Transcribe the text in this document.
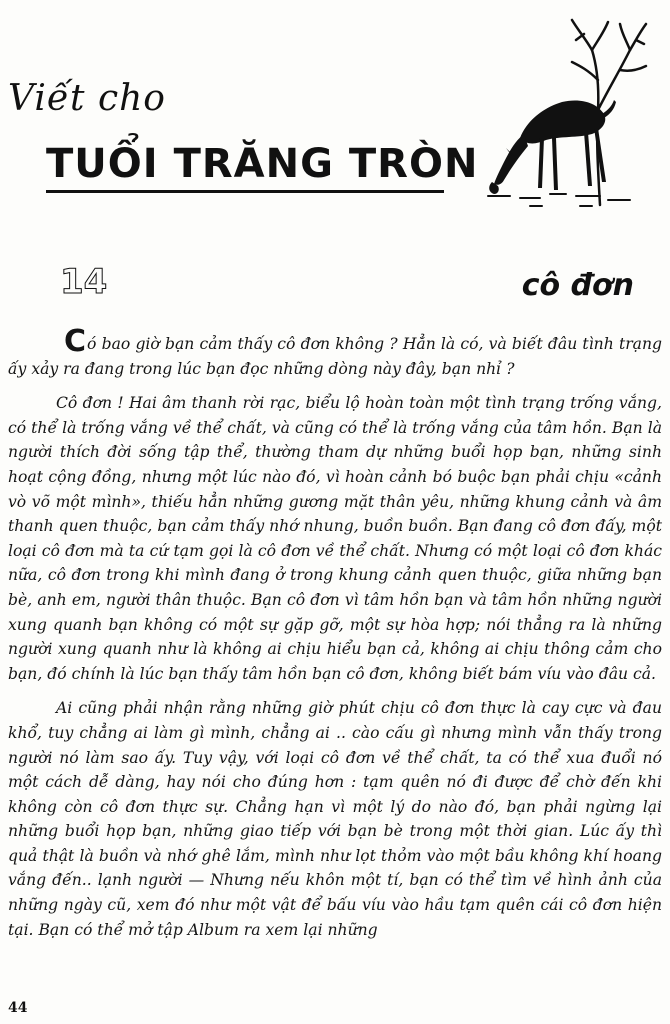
Viết cho
TUỔI TRĂNG TRÒN
14	cô đơn

Có bao giờ bạn cảm thấy cô đơn không ? Hẳn là có, và biết đâu tình trạng ấy xảy ra đang trong lúc bạn đọc những dòng này đây, bạn nhỉ ?

Cô đơn ! Hai âm thanh rời rạc, biểu lộ hoàn toàn một tình trạng trống vắng, có thể là trống vắng về thể chất, và cũng có thể là trống vắng của tâm hồn. Bạn là người thích đời sống tập thể, thường tham dự những buổi họp bạn, những sinh hoạt cộng đồng, nhưng một lúc nào đó, vì hoàn cảnh bó buộc bạn phải chịu «cảnh vò võ một mình», thiếu hẳn những gương mặt thân yêu, những khung cảnh và âm thanh quen thuộc, bạn cảm thấy nhớ nhung, buồn buồn. Bạn đang cô đơn đấy, một loại cô đơn mà ta cứ tạm gọi là cô đơn về thể chất. Nhưng có một loại cô đơn khác nữa, cô đơn trong khi mình đang ở trong khung cảnh quen thuộc, giữa những bạn bè, anh em, người thân thuộc. Bạn cô đơn vì tâm hồn bạn và tâm hồn những người xung quanh bạn không có một sự gặp gỡ, một sự hòa hợp; nói thẳng ra là những người xung quanh như là không ai chịu hiểu bạn cả, không ai chịu thông cảm cho bạn, đó chính là lúc bạn thấy tâm hồn bạn cô đơn, không biết bám víu vào đâu cả.

Ai cũng phải nhận rằng những giờ phút chịu cô đơn thực là cay cực và đau khổ, tuy chẳng ai làm gì mình, chẳng ai .. cào cấu gì nhưng mình vẫn thấy trong người nó làm sao ấy. Tuy vậy, với loại cô đơn về thể chất, ta có thể xua đuổi nó một cách dễ dàng, hay nói cho đúng hơn : tạm quên nó đi được để chờ đến khi không còn cô đơn thực sự. Chẳng hạn vì một lý do nào đó, bạn phải ngừng lại những buổi họp bạn, những giao tiếp với bạn bè trong một thời gian. Lúc ấy thì quả thật là buồn và nhớ ghê lắm, mình như lọt thỏm vào một bầu không khí hoang vắng đến.. lạnh người — Nhưng nếu khôn một tí, bạn có thể tìm về hình ảnh của những ngày cũ, xem đó như một vật để bấu víu vào hầu tạm quên cái cô đơn hiện tại. Bạn có thể mở tập Album ra xem lại những

44
